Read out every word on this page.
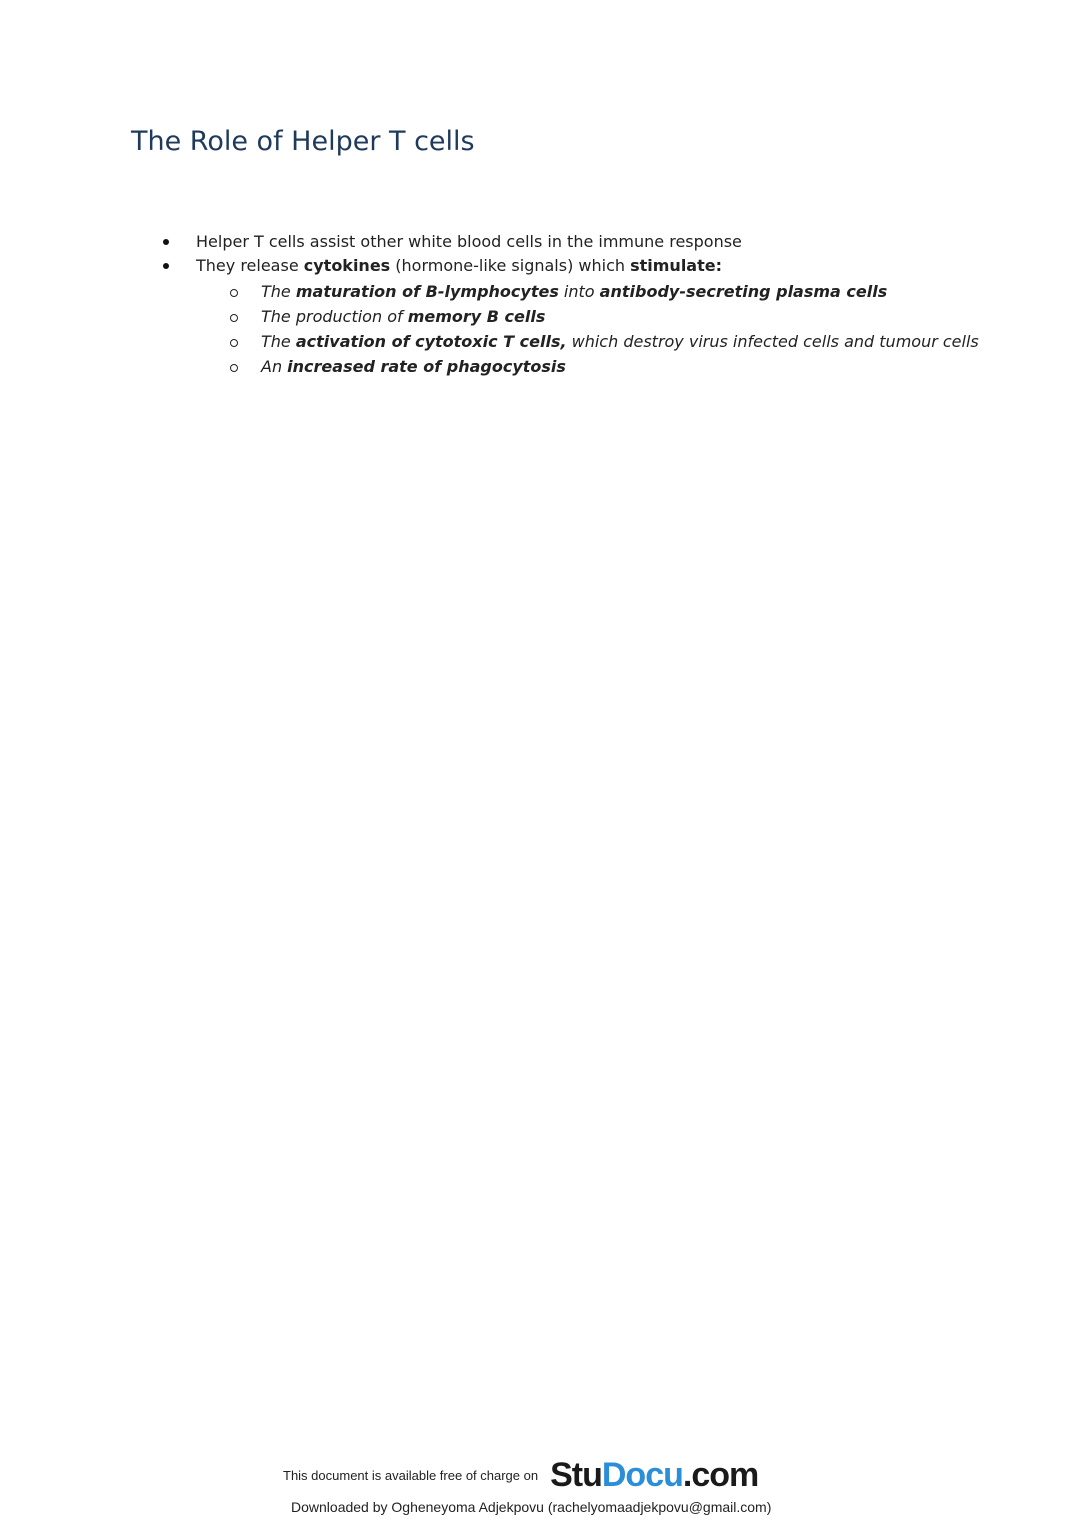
The Role of Helper T cells
Helper T cells assist other white blood cells in the immune response
They release cytokines (hormone-like signals) which stimulate:
The maturation of B-lymphocytes into antibody-secreting plasma cells
The production of memory B cells
The activation of cytotoxic T cells, which destroy virus infected cells and tumour cells
An increased rate of phagocytosis
This document is available free of charge on StuDocu.com
Downloaded by Ogheneyoma Adjekpovu (rachelyomaadjekpovu@gmail.com)
